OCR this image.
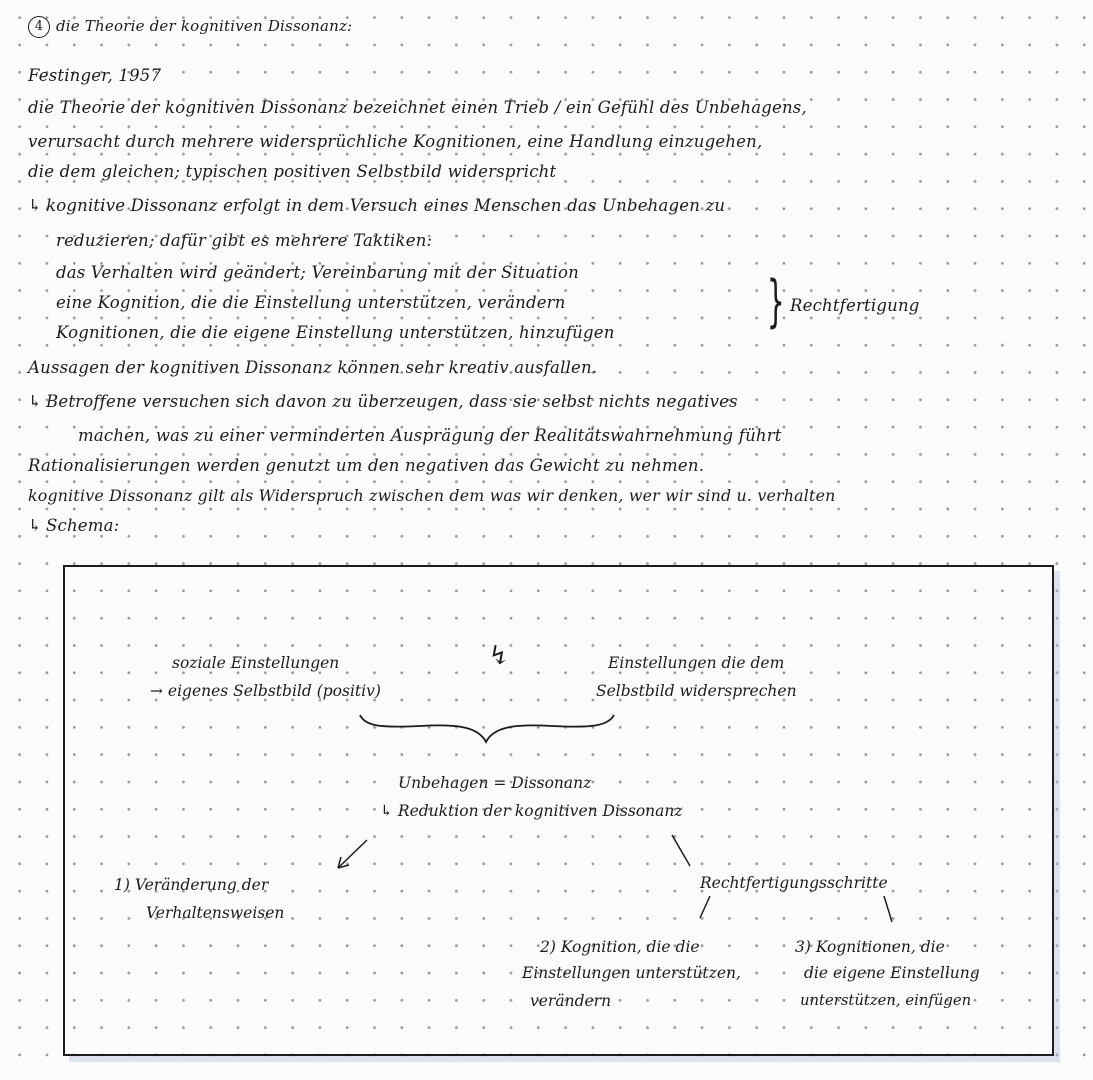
4 die Theorie der kognitiven Dissonanz:

Festinger, 1957

die Theorie der kognitiven Dissonanz bezeichnet einen Trieb / ein Gefühl des Unbehagens,

verursacht durch mehrere widersprüchliche Kognitionen, eine Handlung einzugehen,

die dem gleichen; typischen positiven Selbstbild widerspricht

↳ kognitive Dissonanz erfolgt in dem Versuch eines Menschen das Unbehagen zu

reduzieren; dafür gibt es mehrere Taktiken:

das Verhalten wird geändert; Vereinbarung mit der Situation

eine Kognition, die die Einstellung unterstützen, verändern

Kognitionen, die die eigene Einstellung unterstützen, hinzufügen	} Rechtfertigung

Aussagen der kognitiven Dissonanz können sehr kreativ ausfallen.

↳ Betroffene versuchen sich davon zu überzeugen, dass sie selbst nichts negatives

machen, was zu einer verminderten Ausprägung der Realitätswahrnehmung führt

Rationalisierungen werden genutzt um den negativen das Gewicht zu nehmen.

kognitive Dissonanz gilt als Widerspruch zwischen dem was wir denken, wer wir sind u. verhalten

↳ Schema:

soziale Einstellungen

→ eigenes Selbstbild (positiv)

↯	Einstellungen die dem

Selbstbild widersprechen

Unbehagen = Dissonanz

↳ Reduktion der kognitiven Dissonanz

1) Veränderung der

Verhaltensweisen

Rechtfertigungsschritte

2) Kognition, die die

Einstellungen unterstützen,

verändern

3) Kognitionen, die

die eigene Einstellung

unterstützen, einfügen
